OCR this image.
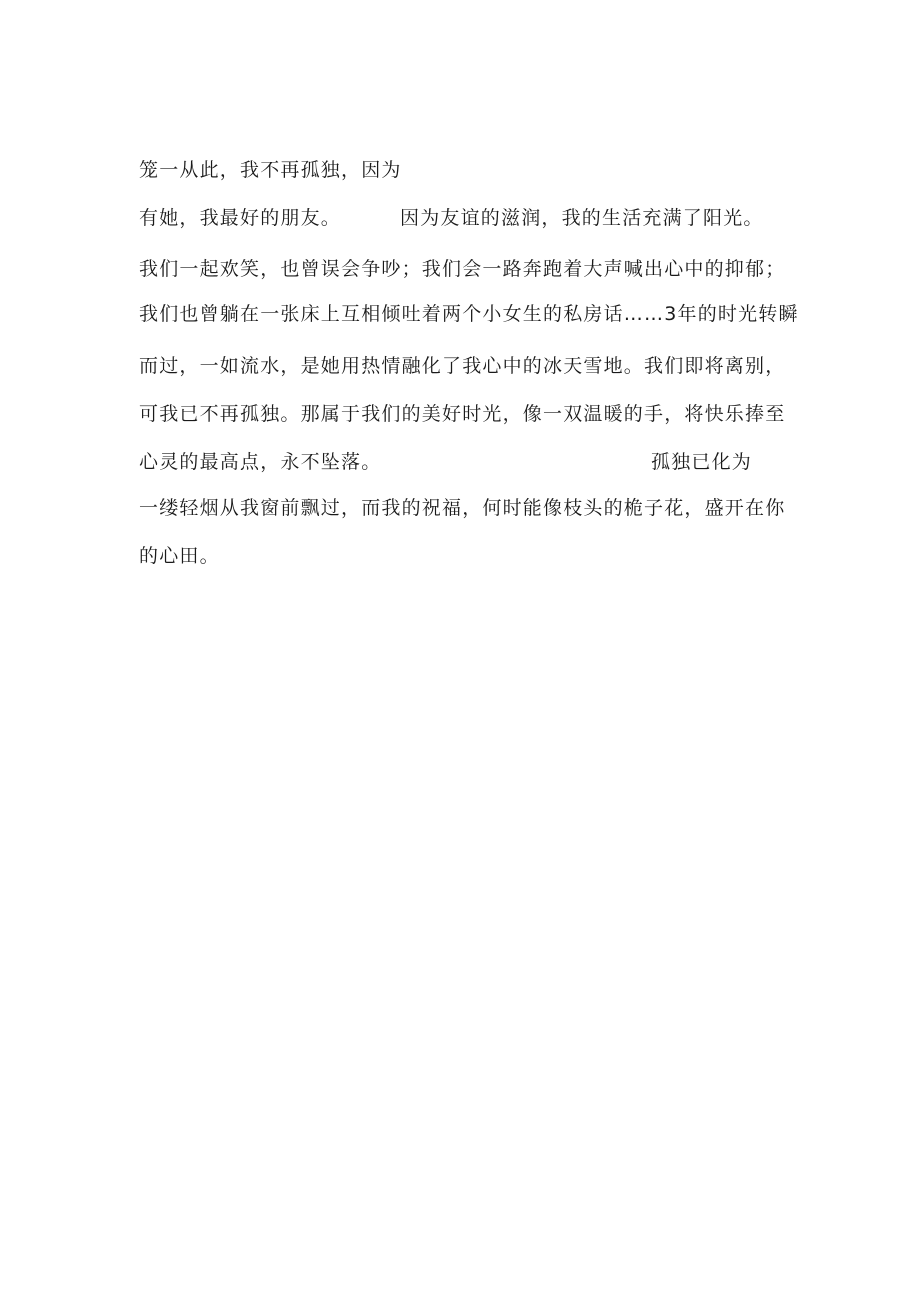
笼一从此，我不再孤独，因为
有她，我最好的朋友。	因为友谊的滋润，我的生活充满了阳光。
我们一起欢笑，也曾误会争吵；我们会一路奔跑着大声喊出心中的抑郁；
我们也曾躺在一张床上互相倾吐着两个小女生的私房话……3年的时光转瞬
而过，一如流水，是她用热情融化了我心中的冰天雪地。我们即将离别，
可我已不再孤独。那属于我们的美好时光，像一双温暖的手，将快乐捧至
心灵的最高点，永不坠落。	孤独已化为
一缕轻烟从我窗前飘过，而我的祝福，何时能像枝头的桅子花，盛开在你
的心田。
